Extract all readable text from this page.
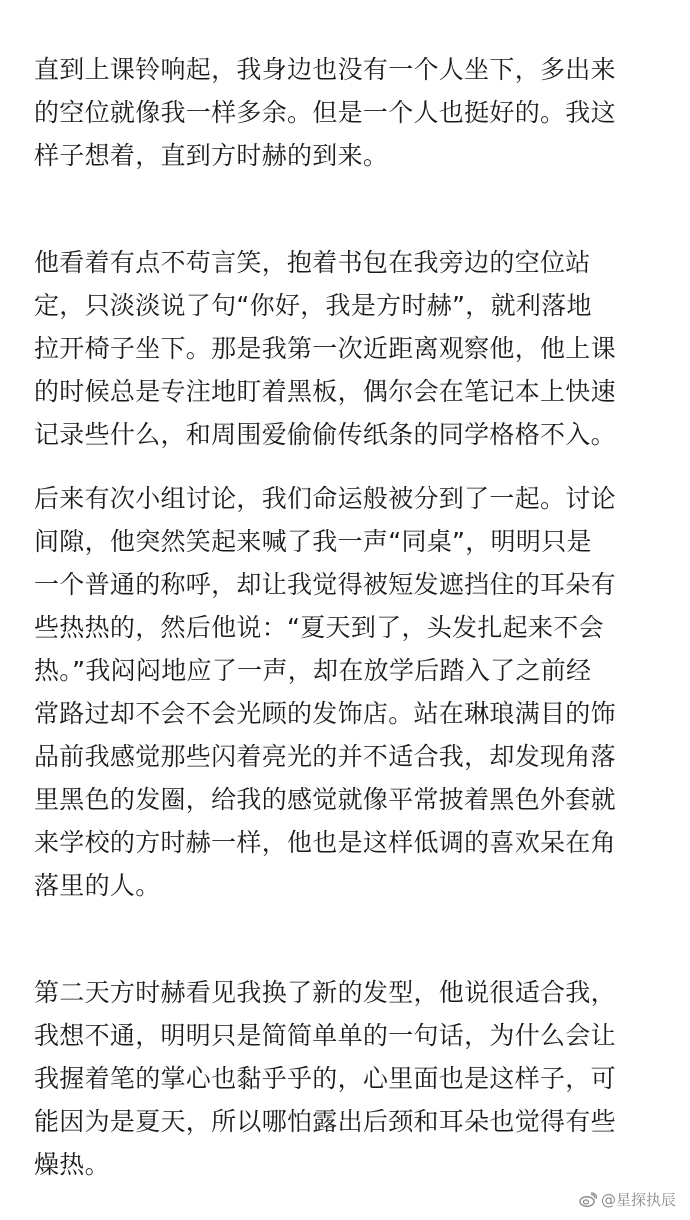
直到上课铃响起，我身边也没有一个人坐下，多出来
的空位就像我一样多余。但是一个人也挺好的。我这
样子想着，直到方时赫的到来。
他看着有点不苟言笑，抱着书包在我旁边的空位站
定，只淡淡说了句“你好，我是方时赫”，就利落地
拉开椅子坐下。那是我第一次近距离观察他，他上课
的时候总是专注地盯着黑板，偶尔会在笔记本上快速
记录些什么，和周围爱偷偷传纸条的同学格格不入。
后来有次小组讨论，我们命运般被分到了一起。讨论
间隙，他突然笑起来喊了我一声“同桌”，明明只是
一个普通的称呼，却让我觉得被短发遮挡住的耳朵有
些热热的，然后他说：“夏天到了，头发扎起来不会
热。”我闷闷地应了一声，却在放学后踏入了之前经
常路过却不会不会光顾的发饰店。站在琳琅满目的饰
品前我感觉那些闪着亮光的并不适合我，却发现角落
里黑色的发圈，给我的感觉就像平常披着黑色外套就
来学校的方时赫一样，他也是这样低调的喜欢呆在角
落里的人。
第二天方时赫看见我换了新的发型，他说很适合我，
我想不通，明明只是简简单单的一句话，为什么会让
我握着笔的掌心也黏乎乎的，心里面也是这样子，可
能因为是夏天，所以哪怕露出后颈和耳朵也觉得有些
燥热。
@星探执辰
